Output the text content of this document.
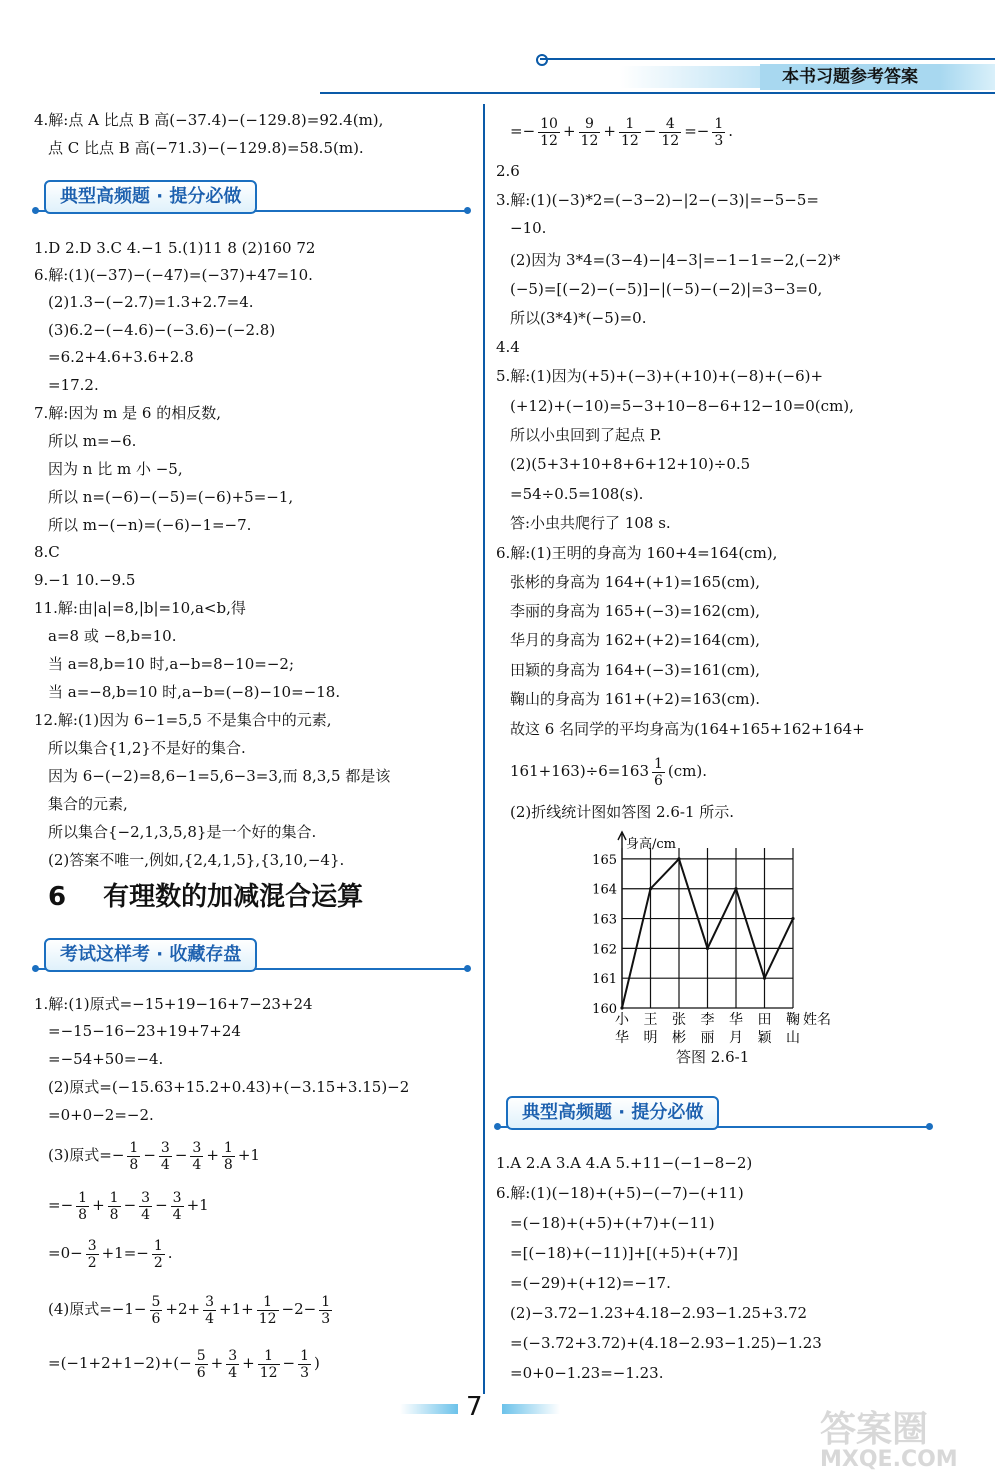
本书习题参考答案
4.解:点 A 比点 B 高(−37.4)−(−129.8)=92.4(m),
点 C 比点 B 高(−71.3)−(−129.8)=58.5(m).
典型高频题 · 提分必做
1.D 2.D 3.C 4.−1 5.(1)11 8 (2)160 72
6.解:(1)(−37)−(−47)=(−37)+47=10.
(2)1.3−(−2.7)=1.3+2.7=4.
(3)6.2−(−4.6)−(−3.6)−(−2.8)
=6.2+4.6+3.6+2.8
=17.2.
7.解:因为 m 是 6 的相反数,
所以 m=−6.
因为 n 比 m 小 −5,
所以 n=(−6)−(−5)=(−6)+5=−1,
所以 m−(−n)=(−6)−1=−7.
8.C
9.−1 10.−9.5
11.解:由|a|=8,|b|=10,a<b,得
a=8 或 −8,b=10.
当 a=8,b=10 时,a−b=8−10=−2;
当 a=−8,b=10 时,a−b=(−8)−10=−18.
12.解:(1)因为 6−1=5,5 不是集合中的元素,
所以集合{1,2}不是好的集合.
因为 6−(−2)=8,6−1=5,6−3=3,而 8,3,5 都是该
集合的元素,
所以集合{−2,1,3,5,8}是一个好的集合.
(2)答案不唯一,例如,{2,4,1,5},{3,10,−4}.
6 有理数的加减混合运算
考试这样考 · 收藏存盘
1.解:(1)原式=−15+19−16+7−23+24
=−15−16−23+19+7+24
=−54+50=−4.
(2)原式=(−15.63+15.2+0.43)+(−3.15+3.15)−2
=0+0−2=−2.
(3)原式=− $\frac{1}{8} - \frac{3}{4} - \frac{3}{4} + \frac{1}{8} +1$
=− $\frac{1}{8} + \frac{1}{8} - \frac{3}{4} - \frac{3}{4} +1$
$=0- \frac{3}{2} +1=- \frac{1}{2}$ .
(4)原式$=-1- \frac{5}{6} +2+ \frac{3}{4} +1+ \frac{1}{12} -2- \frac{1}{3}$
$=(-1+2+1-2)+(- \frac{5}{6} + \frac{3}{4} + \frac{1}{12} - \frac{1}{3}$ )
=− $\frac{10}{12} + \frac{9}{12} + \frac{1}{12} - \frac{4}{12} =- \frac{1}{3}$ .
2.6
3.解:(1)(−3)*2=(−3−2)−|2−(−3)|=−5−5=
−10.
(2)因为 3*4=(3−4)−|4−3|=−1−1=−2,(−2)*
(−5)=[(−2)−(−5)]−|(−5)−(−2)|=3−3=0,
所以(3*4)*(−5)=0.
4.4
5.解:(1)因为(+5)+(−3)+(+10)+(−8)+(−6)+
(+12)+(−10)=5−3+10−8−6+12−10=0(cm),
所以小虫回到了起点 P.
(2)(5+3+10+8+6+12+10)÷0.5
=54÷0.5=108(s).
答:小虫共爬行了 108 s.
6.解:(1)王明的身高为 160+4=164(cm),
张彬的身高为 164+(+1)=165(cm),
李丽的身高为 165+(−3)=162(cm),
华月的身高为 162+(+2)=164(cm),
田颖的身高为 164+(−3)=161(cm),
鞠山的身高为 161+(+2)=163(cm).
故这 6 名同学的平均身高为(164+165+162+164+
$161+163)\div 6=163 \frac{1}{6} (cm)$.
(2)折线统计图如答图 2.6-1 所示.
160
161
162
163
164
165
身高/cm
小
华
王
明
张
彬
李
丽
华
月
田
颖
鞠
山
姓名
答图 2.6-1
典型高频题 · 提分必做
1.A 2.A 3.A 4.A 5.+11−(−1−8−2)
6.解:(1)(−18)+(+5)−(−7)−(+11)
=(−18)+(+5)+(+7)+(−11)
=[(−18)+(−11)]+[(+5)+(+7)]
=(−29)+(+12)=−17.
(2)−3.72−1.23+4.18−2.93−1.25+3.72
=(−3.72+3.72)+(4.18−2.93−1.25)−1.23
=0+0−1.23=−1.23.
7
答案圈
MXQE.COM
